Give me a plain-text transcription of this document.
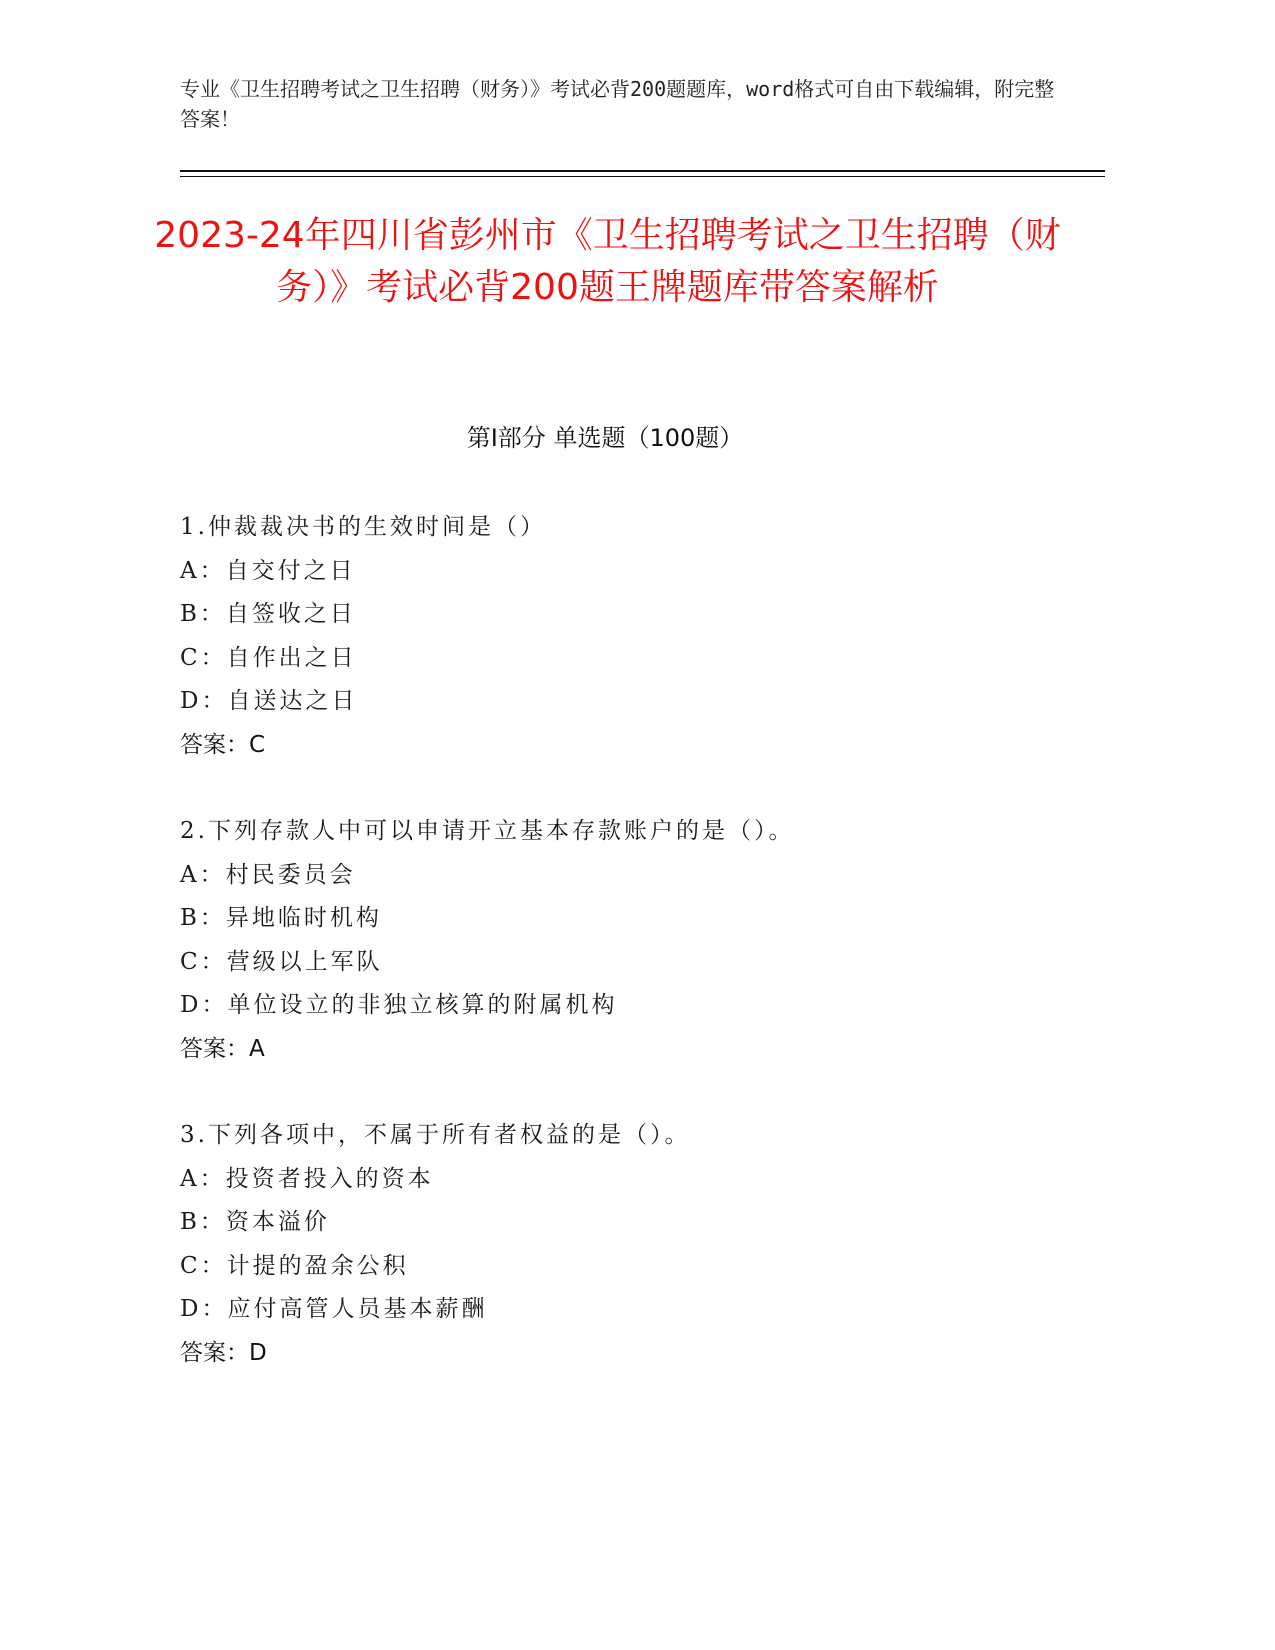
专业《卫生招聘考试之卫生招聘（财务）》考试必背200题题库，word格式可自由下载编辑，附完整答案！
2023-24年四川省彭州市《卫生招聘考试之卫生招聘（财务）》考试必背200题王牌题库带答案解析
第Ⅰ部分 单选题（100题）
1.仲裁裁决书的生效时间是（）
A：自交付之日
B：自签收之日
C：自作出之日
D：自送达之日
答案：C
2.下列存款人中可以申请开立基本存款账户的是（）。
A：村民委员会
B：异地临时机构
C：营级以上军队
D：单位设立的非独立核算的附属机构
答案：A
3.下列各项中，不属于所有者权益的是（）。
A：投资者投入的资本
B：资本溢价
C：计提的盈余公积
D：应付高管人员基本薪酬
答案：D
